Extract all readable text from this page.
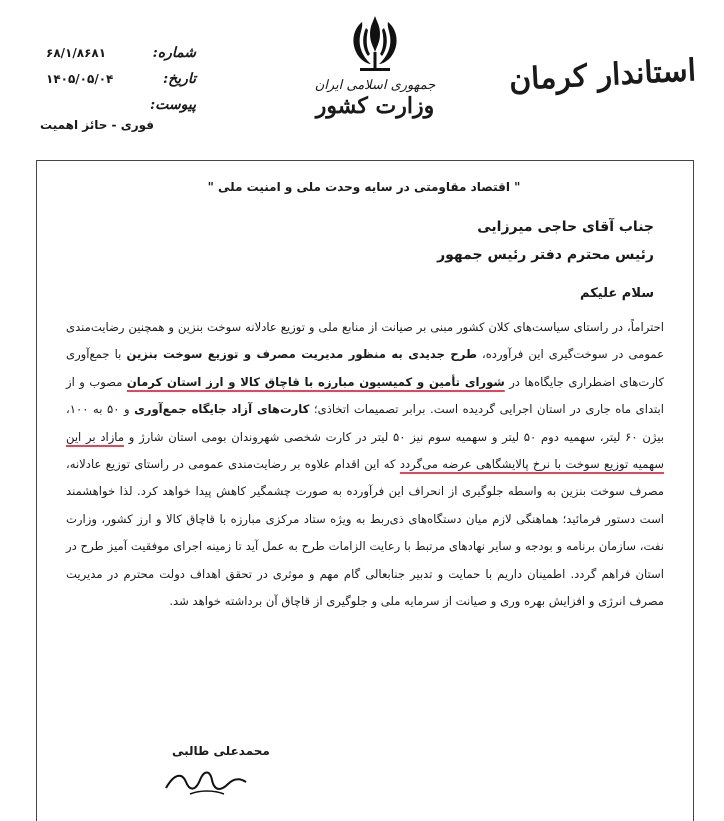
استاندار کرمان
جمهوری اسلامی ایران
وزارت کشور
شماره:
۶۸/۱/۸۶۸۱
تاریخ:
۱۴۰۵/۰۵/۰۴
پیوست:
فوری - حائز اهمیت
" اقتصاد مقاومتی در سایه وحدت ملی و امنیت ملی "
جناب آقای حاجی میرزایی
رئیس محترم دفتر رئیس جمهور
سلام علیکم
احتراماً، در راستای سیاست‌های کلان کشور مبنی بر صیانت از منابع ملی و توزیع عادلانه سوخت بنزین و همچنین رضایت‌مندی عمومی در سوخت‌گیری این فرآورده، طرح جدیدی به منظور مدیریت مصرف و توزیع سوخت بنزین با جمع‌آوری کارت‌های اضطراری جایگاه‌ها در شورای تأمین و کمیسیون مبارزه با قاچاق کالا و ارز استان کرمان مصوب و از ابتدای ماه جاری در استان اجرایی گردیده است. برابر تصمیمات اتخاذی؛ کارت‌های آزاد جایگاه جمع‌آوری و ۵۰ به ۱۰۰، بیژن ۶۰ لیتر، سهمیه دوم ۵۰ لیتر و سهمیه سوم نیز ۵۰ لیتر در کارت شخصی شهروندان بومی استان شارژ و مازاد بر این سهمیه توزیع سوخت با نرخ پالایشگاهی عرضه می‌گردد که این اقدام علاوه بر رضایت‌مندی عمومی در راستای توزیع عادلانه، مصرف سوخت بنزین به واسطه جلوگیری از انحراف این فرآورده به صورت چشمگیر کاهش پیدا خواهد کرد. لذا خواهشمند است دستور فرمائید؛ هماهنگی لازم میان دستگاه‌های ذی‌ربط به ویژه ستاد مرکزی مبارزه با قاچاق کالا و ارز کشور، وزارت نفت، سازمان برنامه و بودجه و سایر نهادهای مرتبط با رعایت الزامات طرح به عمل آید تا زمینه اجرای موفقیت آمیز طرح در استان فراهم گردد. اطمینان داریم با حمایت و تدبیر جنابعالی گام مهم و موثری در تحقق اهداف دولت محترم در مدیریت مصرف انرژی و افزایش بهره وری و صیانت از سرمایه ملی و جلوگیری از قاچاق آن برداشته خواهد شد.
محمدعلی طالبی
